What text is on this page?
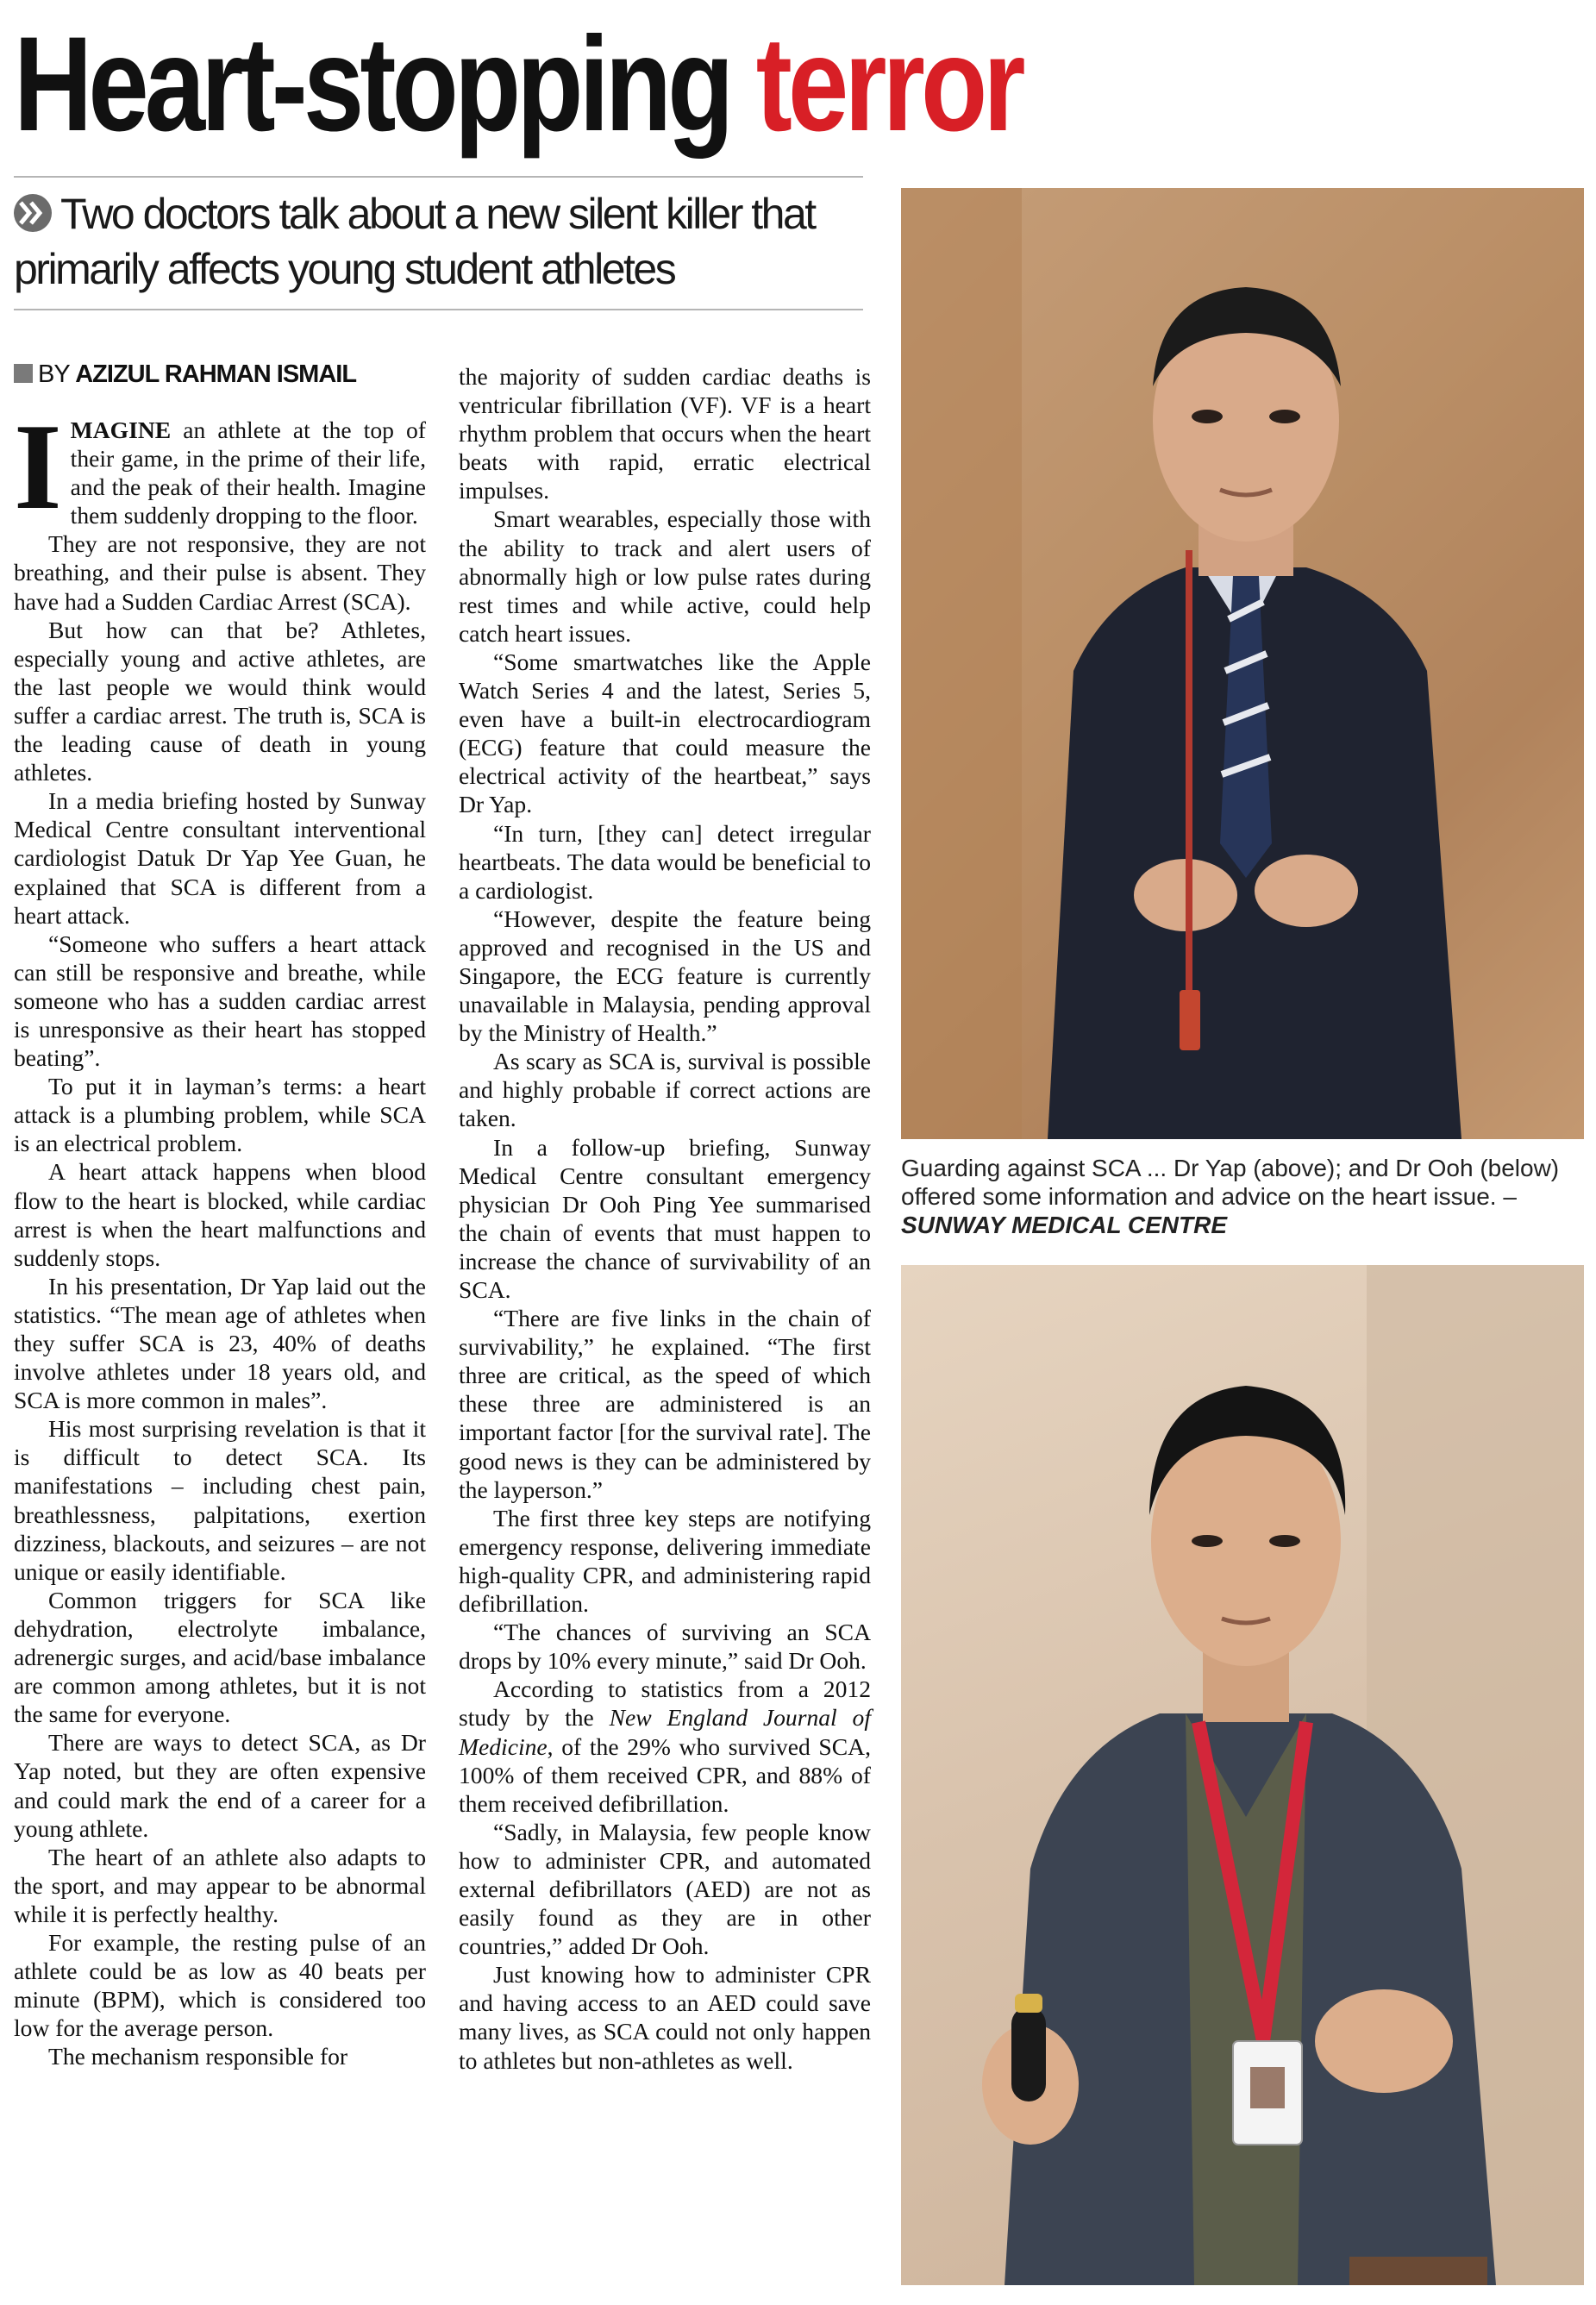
Heart-stopping terror
Two doctors talk about a new silent killer that primarily affects young student athletes
BY AZIZUL RAHMAN ISMAIL

IMAGINE an athlete at the top of their game, in the prime of their life, and the peak of their health. Imagine them suddenly dropping to the floor.

They are not responsive, they are not breathing, and their pulse is absent. They have had a Sudden Cardiac Arrest (SCA).

But how can that be? Athletes, especially young and active athletes, are the last people we would think would suffer a cardiac arrest. The truth is, SCA is the leading cause of death in young athletes.

In a media briefing hosted by Sunway Medical Centre consultant interventional cardiologist Datuk Dr Yap Yee Guan, he explained that SCA is different from a heart attack.

“Someone who suffers a heart attack can still be responsive and breathe, while someone who has a sudden cardiac arrest is unresponsive as their heart has stopped beating”.

To put it in layman’s terms: a heart attack is a plumbing problem, while SCA is an electrical problem.

A heart attack happens when blood flow to the heart is blocked, while cardiac arrest is when the heart malfunctions and suddenly stops.

In his presentation, Dr Yap laid out the statistics. “The mean age of athletes when they suffer SCA is 23, 40% of deaths involve athletes under 18 years old, and SCA is more common in males”.

His most surprising revelation is that it is difficult to detect SCA. Its manifestations – including chest pain, breathlessness, palpitations, exertion dizziness, blackouts, and seizures – are not unique or easily identifiable.

Common triggers for SCA like dehydration, electrolyte imbalance, adrenergic surges, and acid/base imbalance are common among athletes, but it is not the same for everyone.

There are ways to detect SCA, as Dr Yap noted, but they are often expensive and could mark the end of a career for a young athlete.

The heart of an athlete also adapts to the sport, and may appear to be abnormal while it is perfectly healthy.

For example, the resting pulse of an athlete could be as low as 40 beats per minute (BPM), which is considered too low for the average person.

The mechanism responsible for

the majority of sudden cardiac deaths is ventricular fibrillation (VF). VF is a heart rhythm problem that occurs when the heart beats with rapid, erratic electrical impulses.

Smart wearables, especially those with the ability to track and alert users of abnormally high or low pulse rates during rest times and while active, could help catch heart issues.

“Some smartwatches like the Apple Watch Series 4 and the latest, Series 5, even have a built-in electrocardiogram (ECG) feature that could measure the electrical activity of the heartbeat,” says Dr Yap.

“In turn, [they can] detect irregular heartbeats. The data would be beneficial to a cardiologist.

“However, despite the feature being approved and recognised in the US and Singapore, the ECG feature is currently unavailable in Malaysia, pending approval by the Ministry of Health.”

As scary as SCA is, survival is possible and highly probable if correct actions are taken.

In a follow-up briefing, Sunway Medical Centre consultant emergency physician Dr Ooh Ping Yee summarised the chain of events that must happen to increase the chance of survivability of an SCA.

“There are five links in the chain of survivability,” he explained. “The first three are critical, as the speed of which these three are administered is an important factor [for the survival rate]. The good news is they can be administered by the layperson.”

The first three key steps are notifying emergency response, delivering immediate high-quality CPR, and administering rapid defibrillation.

“The chances of surviving an SCA drops by 10% every minute,” said Dr Ooh.

According to statistics from a 2012 study by the New England Journal of Medicine, of the 29% who survived SCA, 100% of them received CPR, and 88% of them received defibrillation.

“Sadly, in Malaysia, few people know how to administer CPR, and automated external defibrillators (AED) are not as easily found as they are in other countries,” added Dr Ooh.

Just knowing how to administer CPR and having access to an AED could save many lives, as SCA could not only happen to athletes but non-athletes as well.

Guarding against SCA ... Dr Yap (above); and Dr Ooh (below) offered some information and advice on the heart issue. –
SUNWAY MEDICAL CENTRE
